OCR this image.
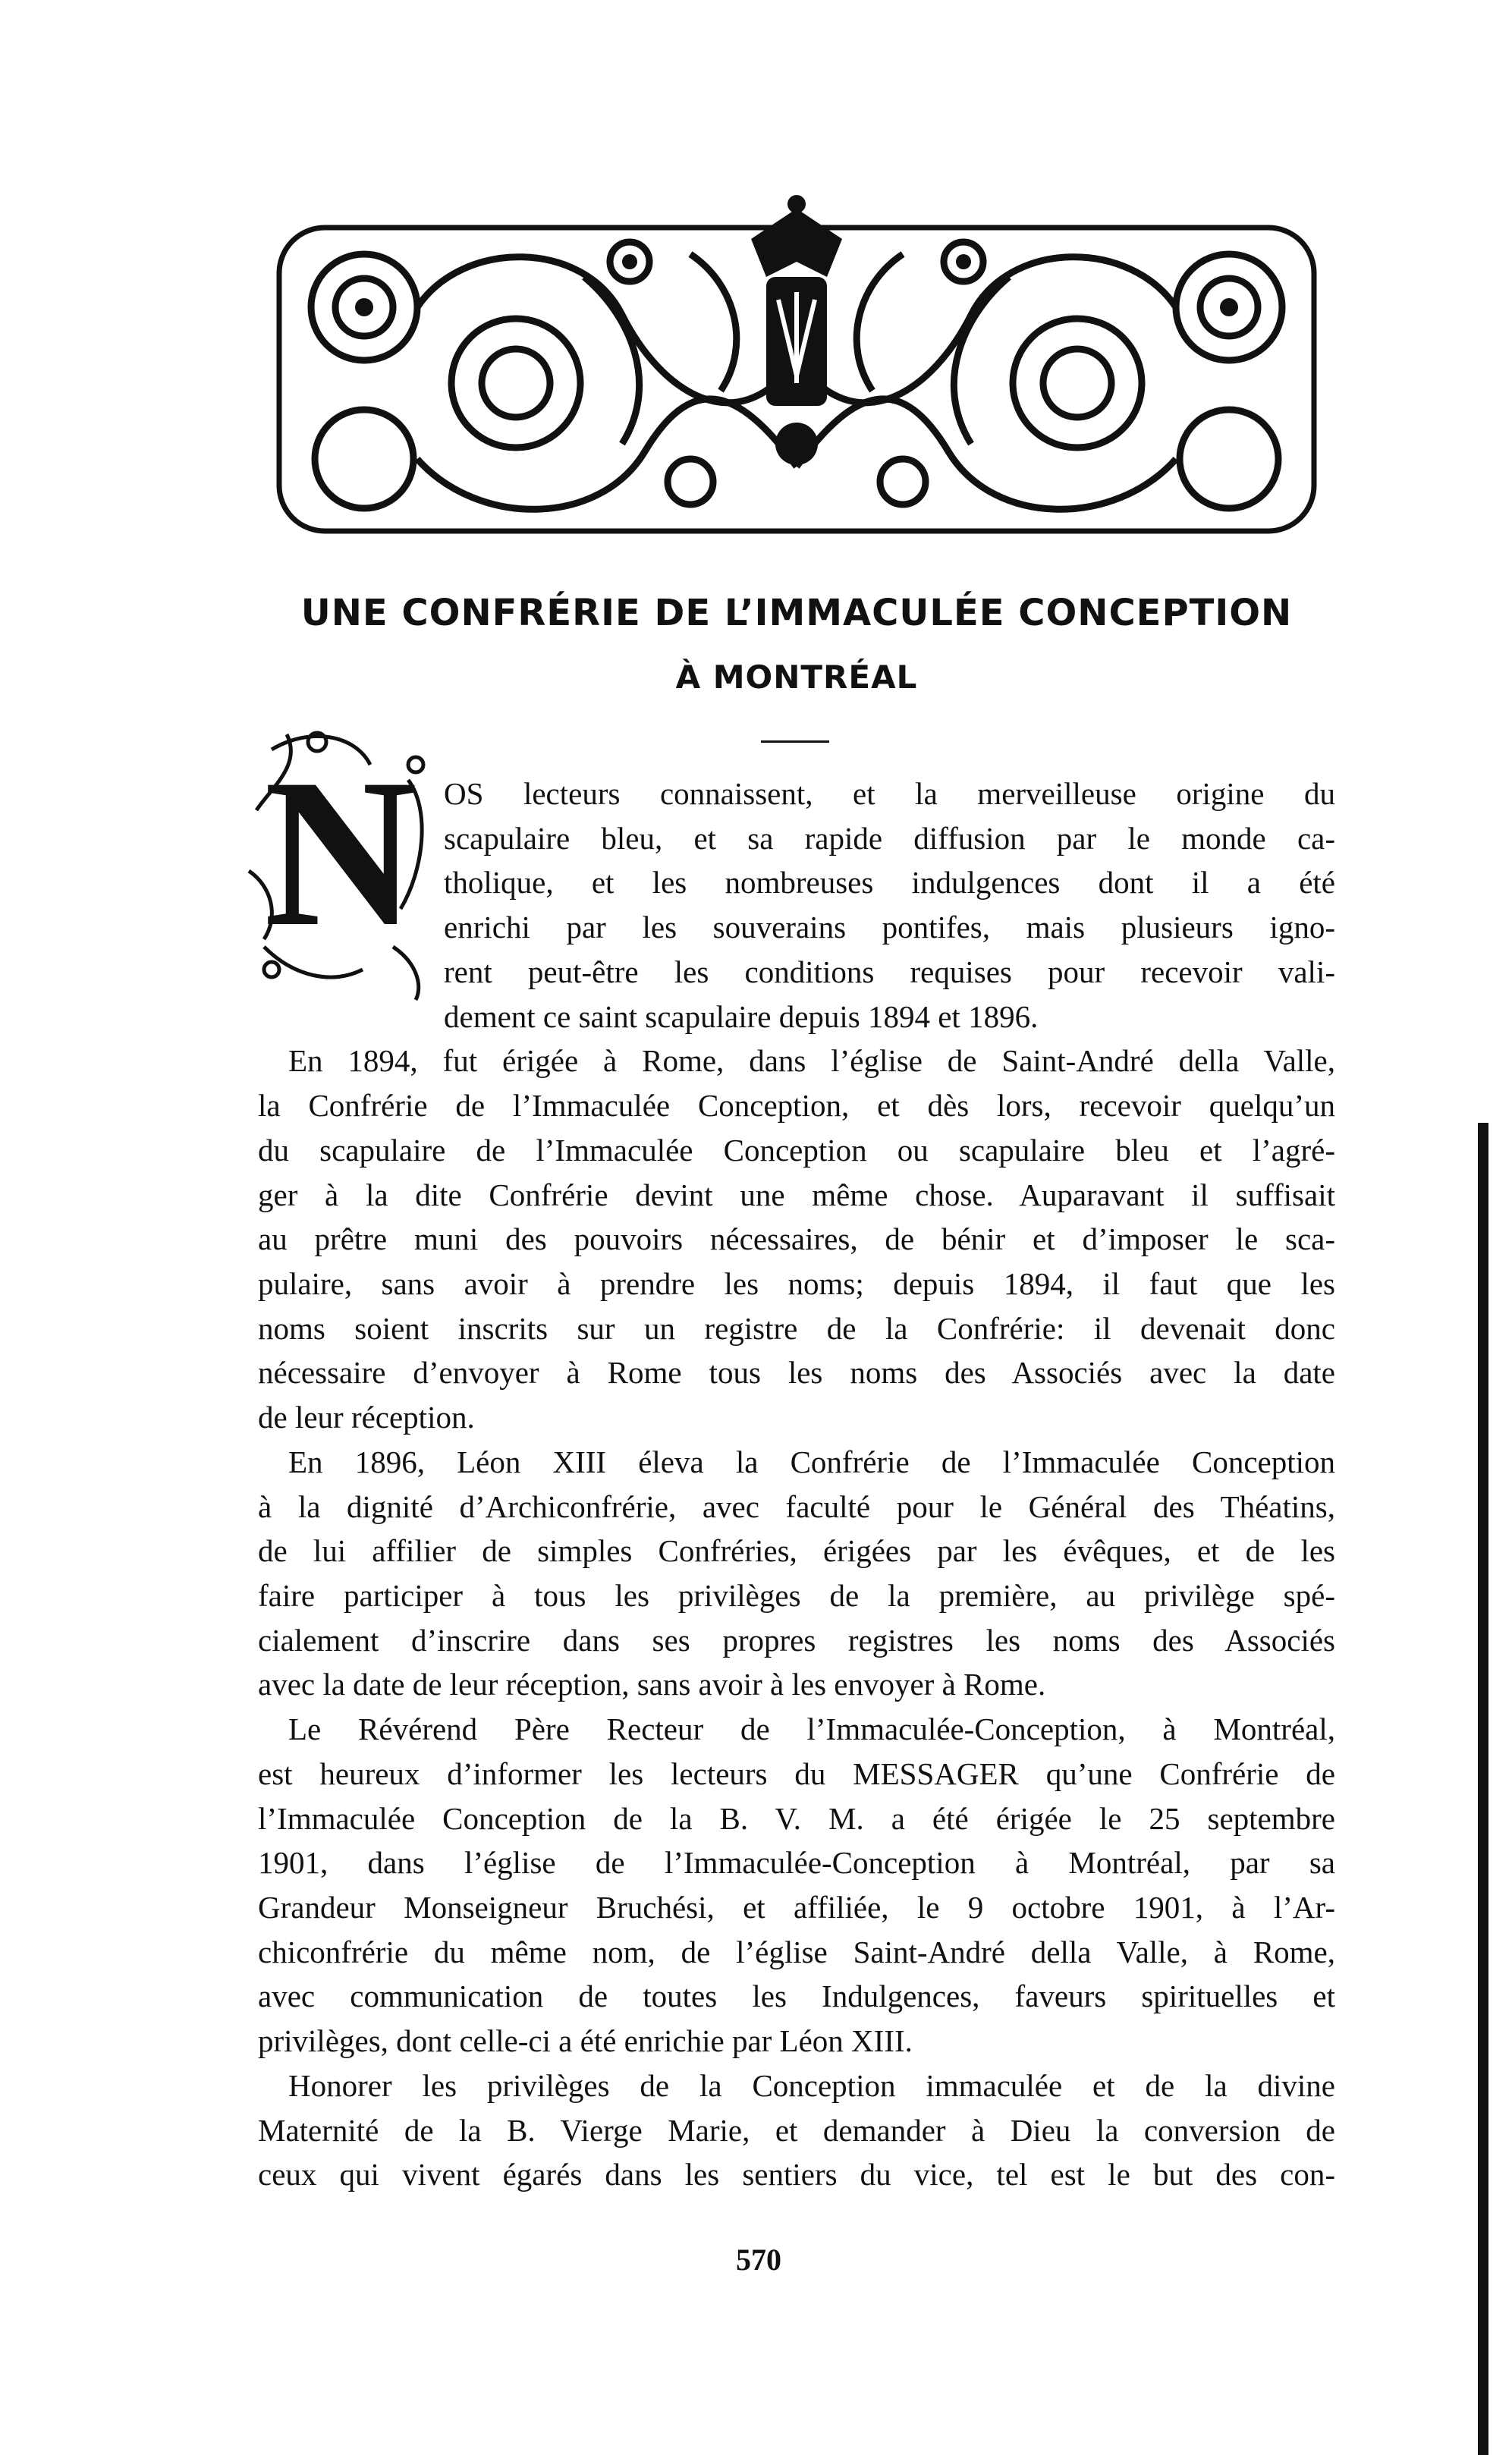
UNE CONFRÉRIE DE L’IMMACULÉE CONCEPTION
À MONTRÉAL
N OS lecteurs connaissent, et la merveilleuse origine du
scapulaire bleu, et sa rapide diffusion par le monde ca-
tholique, et les nombreuses indulgences dont il a été
enrichi par les souverains pontifes, mais plusieurs igno-
rent peut-être les conditions requises pour recevoir vali-
dement ce saint scapulaire depuis 1894 et 1896.
En 1894, fut érigée à Rome, dans l’église de Saint-André della Valle,
la Confrérie de l’Immaculée Conception, et dès lors, recevoir quelqu’un
du scapulaire de l’Immaculée Conception ou scapulaire bleu et l’agré-
ger à la dite Confrérie devint une même chose. Auparavant il suffisait
au prêtre muni des pouvoirs nécessaires, de bénir et d’imposer le sca-
pulaire, sans avoir à prendre les noms; depuis 1894, il faut que les
noms soient inscrits sur un registre de la Confrérie: il devenait donc
nécessaire d’envoyer à Rome tous les noms des Associés avec la date
de leur réception.
En 1896, Léon XIII éleva la Confrérie de l’Immaculée Conception
à la dignité d’Archiconfrérie, avec faculté pour le Général des Théatins,
de lui affilier de simples Confréries, érigées par les évêques, et de les
faire participer à tous les privilèges de la première, au privilège spé-
cialement d’inscrire dans ses propres registres les noms des Associés
avec la date de leur réception, sans avoir à les envoyer à Rome.
Le Révérend Père Recteur de l’Immaculée-Conception, à Montréal,
est heureux d’informer les lecteurs du MESSAGER qu’une Confrérie de
l’Immaculée Conception de la B. V. M. a été érigée le 25 septembre
1901, dans l’église de l’Immaculée-Conception à Montréal, par sa
Grandeur Monseigneur Bruchési, et affiliée, le 9 octobre 1901, à l’Ar-
chiconfrérie du même nom, de l’église Saint-André della Valle, à Rome,
avec communication de toutes les Indulgences, faveurs spirituelles et
privilèges, dont celle-ci a été enrichie par Léon XIII.
Honorer les privilèges de la Conception immaculée et de la divine
Maternité de la B. Vierge Marie, et demander à Dieu la conversion de
ceux qui vivent égarés dans les sentiers du vice, tel est le but des con-
570
